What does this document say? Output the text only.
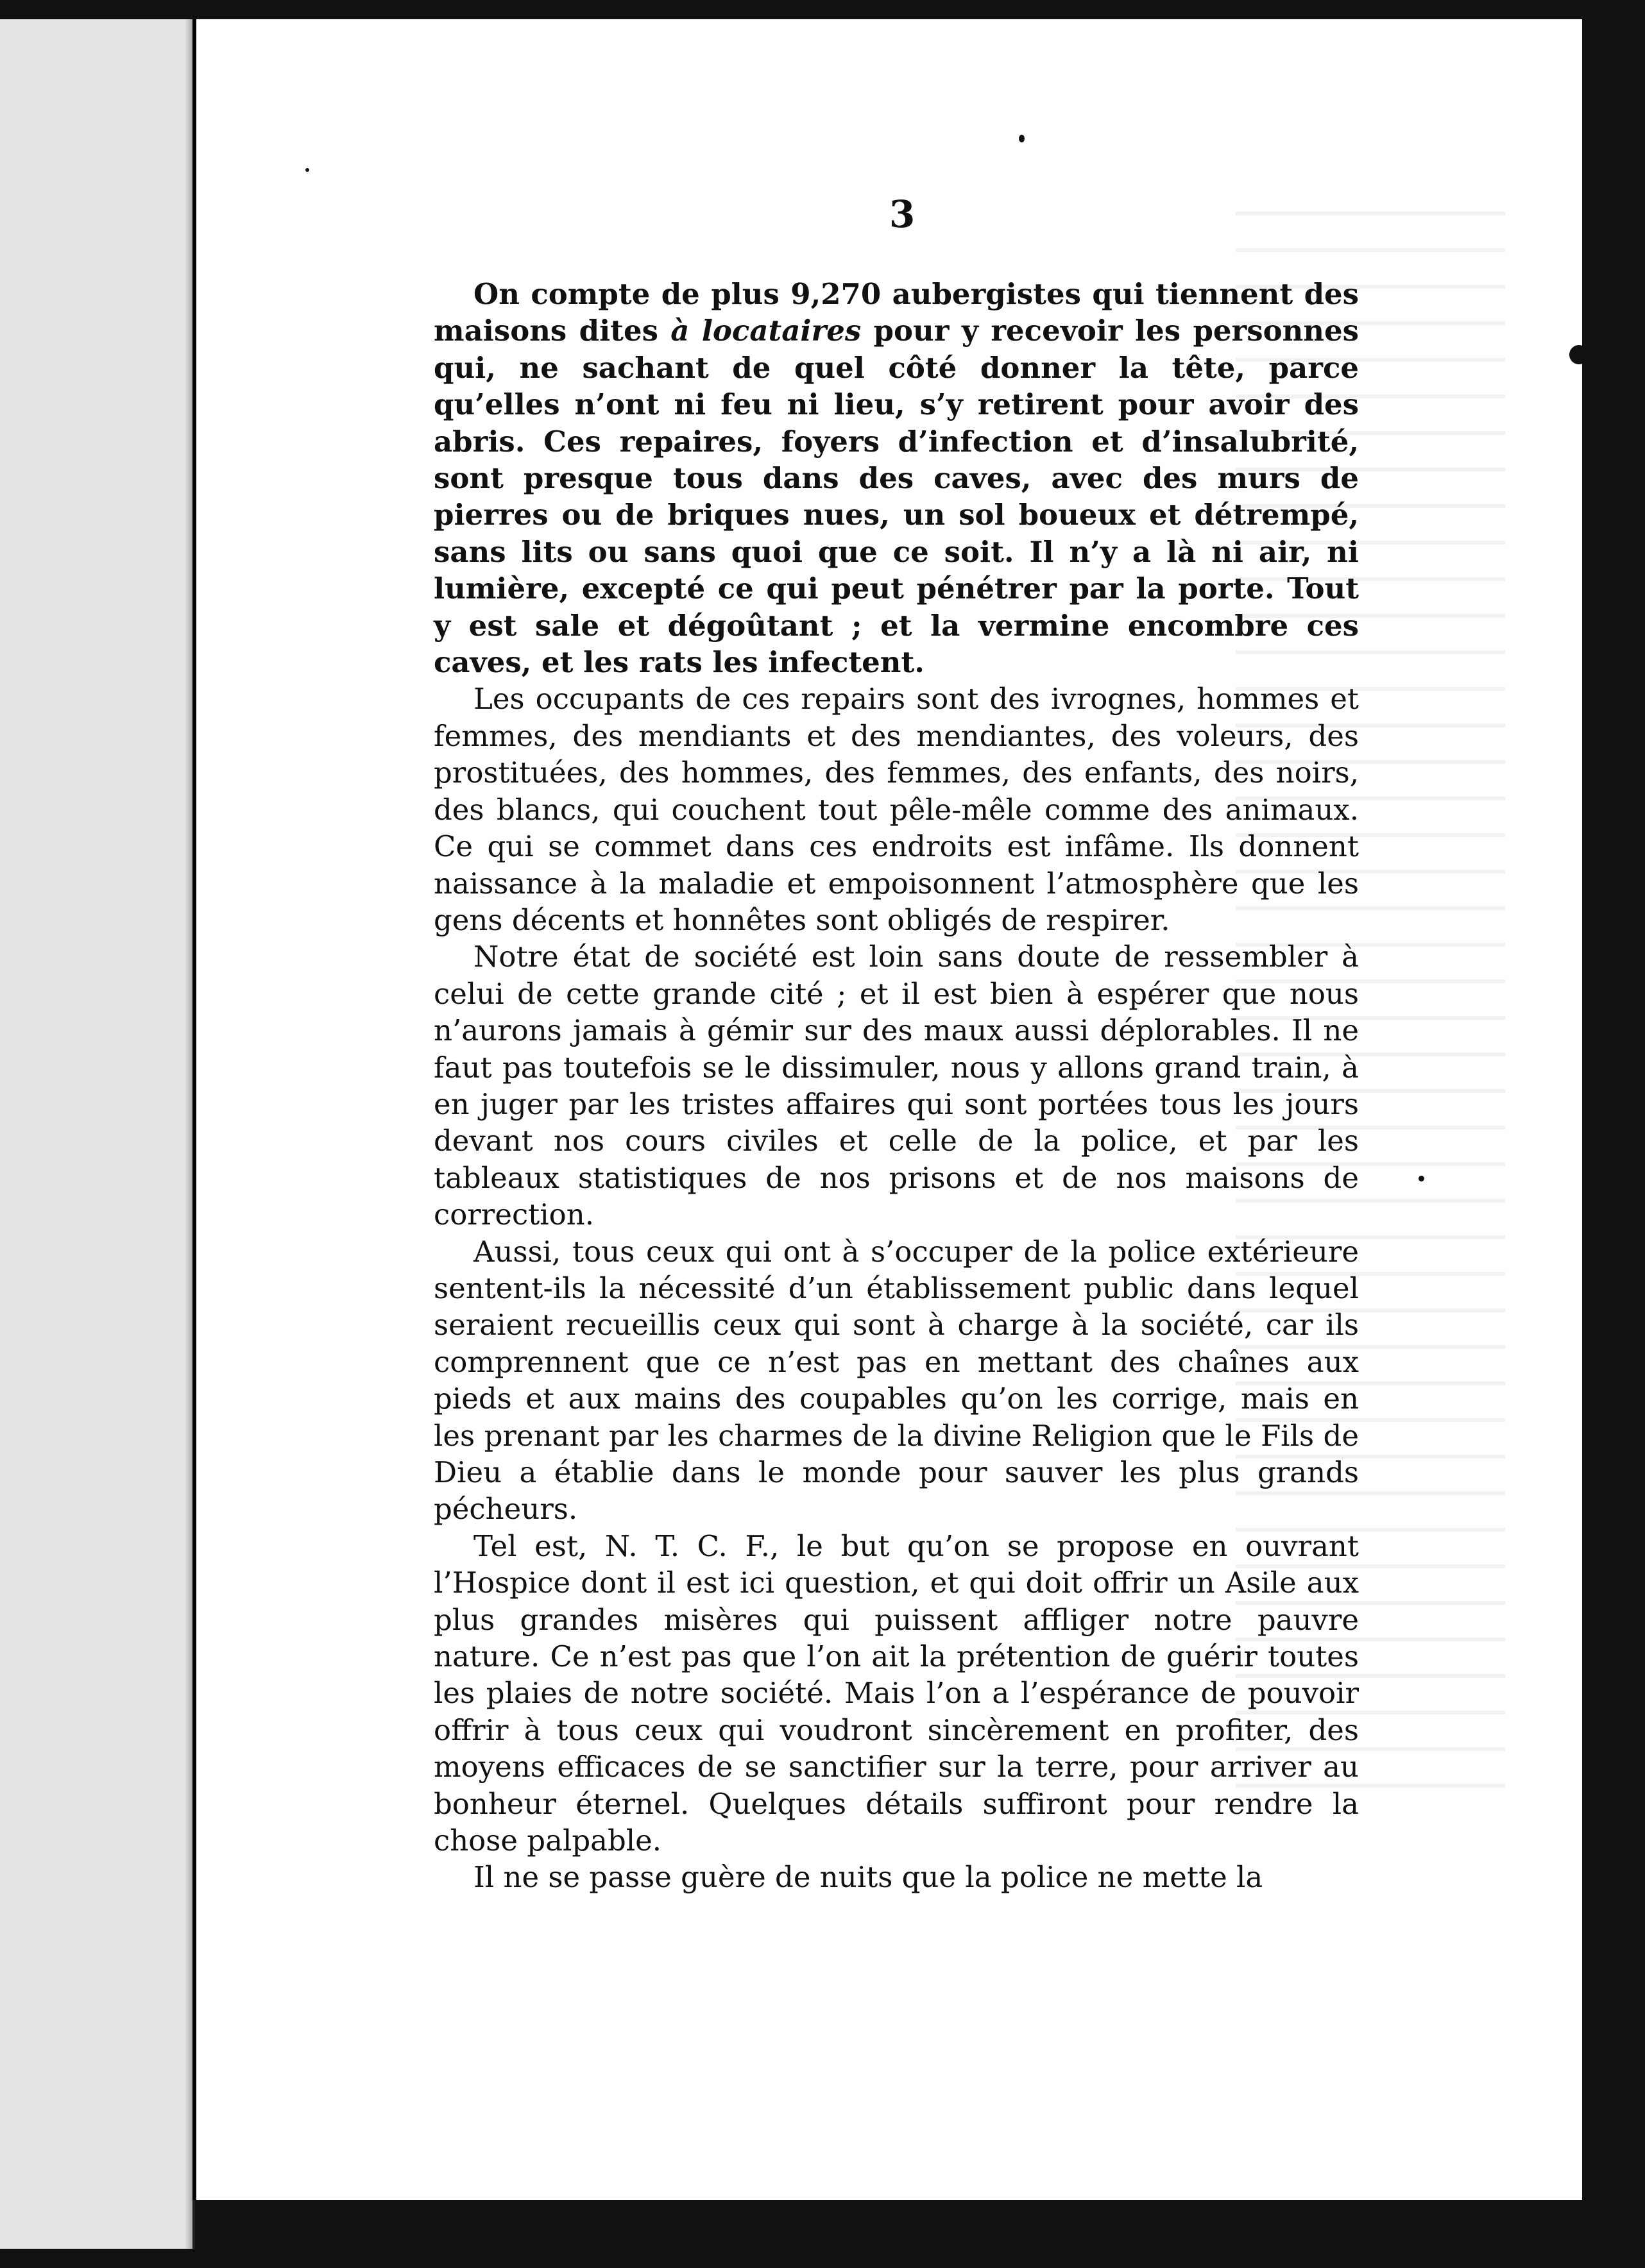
3

On compte de plus 9,270 aubergistes qui tiennent des maisons dites à locataires pour y recevoir les personnes qui, ne sachant de quel côté donner la tête, parce qu’elles n’ont ni feu ni lieu, s’y retirent pour avoir des abris. Ces repaires, foyers d’infection et d’insalubrité, sont presque tous dans des caves, avec des murs de pierres ou de briques nues, un sol boueux et détrempé, sans lits ou sans quoi que ce soit. Il n’y a là ni air, ni lumière, excepté ce qui peut pénétrer par la porte. Tout y est sale et dégoûtant ; et la vermine encombre ces caves, et les rats les infectent.

Les occupants de ces repairs sont des ivrognes, hommes et femmes, des mendiants et des mendiantes, des voleurs, des prostituées, des hommes, des femmes, des enfants, des noirs, des blancs, qui couchent tout pêle-mêle comme des animaux. Ce qui se commet dans ces endroits est infâme. Ils donnent naissance à la maladie et empoisonnent l’atmosphère que les gens décents et honnêtes sont obligés de respirer.

Notre état de société est loin sans doute de ressembler à celui de cette grande cité ; et il est bien à espérer que nous n’aurons jamais à gémir sur des maux aussi déplorables. Il ne faut pas toutefois se le dissimuler, nous y allons grand train, à en juger par les tristes affaires qui sont portées tous les jours devant nos cours civiles et celle de la police, et par les tableaux statistiques de nos prisons et de nos maisons de correction.

Aussi, tous ceux qui ont à s’occuper de la police extérieure sentent-ils la nécessité d’un établissement public dans lequel seraient recueillis ceux qui sont à charge à la société, car ils comprennent que ce n’est pas en mettant des chaînes aux pieds et aux mains des coupables qu’on les corrige, mais en les prenant par les charmes de la divine Religion que le Fils de Dieu a établie dans le monde pour sauver les plus grands pécheurs.

Tel est, N. T. C. F., le but qu’on se propose en ouvrant l’Hospice dont il est ici question, et qui doit offrir un Asile aux plus grandes misères qui puissent affliger notre pauvre nature. Ce n’est pas que l’on ait la prétention de guérir toutes les plaies de notre société. Mais l’on a l’espérance de pouvoir offrir à tous ceux qui voudront sincèrement en profiter, des moyens efficaces de se sanctifier sur la terre, pour arriver au bonheur éternel. Quelques détails suffiront pour rendre la chose palpable.

Il ne se passe guère de nuits que la police ne mette la
